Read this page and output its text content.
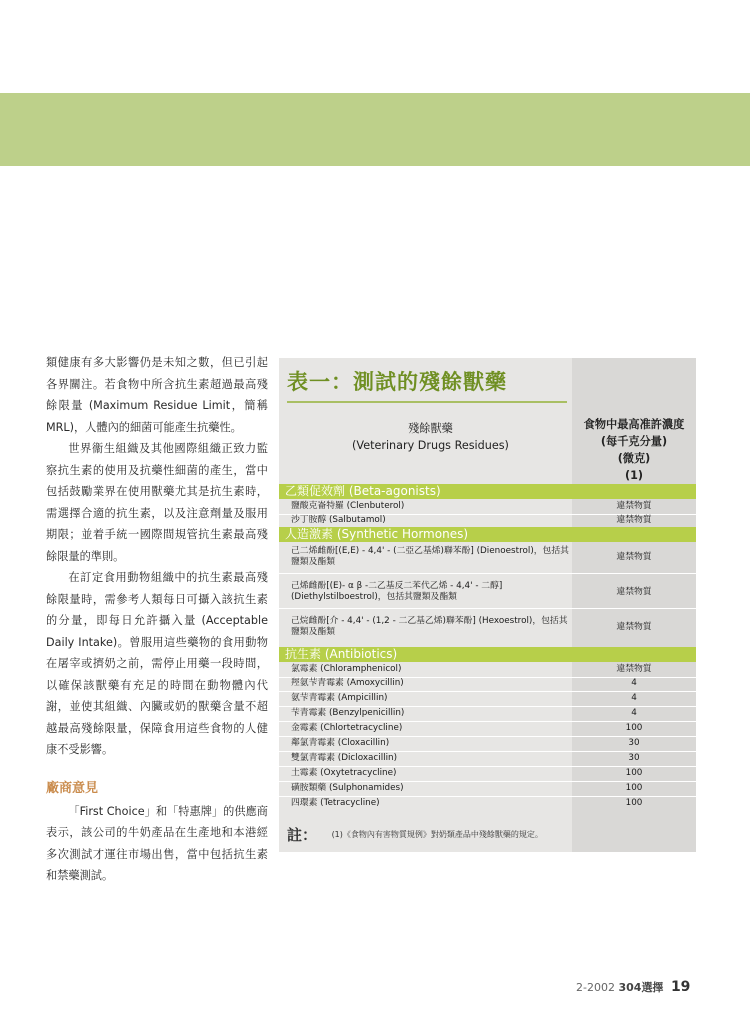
類健康有多大影響仍是未知之數，但已引起各界關注。若食物中所含抗生素超過最高殘餘限量 (Maximum Residue Limit，簡稱MRL)，人體內的細菌可能產生抗藥性。

世界衞生組織及其他國際組織正致力監察抗生素的使用及抗藥性細菌的產生，當中包括鼓勵業界在使用獸藥尤其是抗生素時，需選擇合適的抗生素，以及注意劑量及服用期限；並着手統一國際間規管抗生素最高殘餘限量的準則。

在訂定食用動物組織中的抗生素最高殘餘限量時，需參考人類每日可攝入該抗生素的分量，即每日允許攝入量 (Acceptable Daily Intake)。曾服用這些藥物的食用動物在屠宰或擠奶之前，需停止用藥一段時間，以確保該獸藥有充足的時間在動物體內代謝，並使其組織、內臟或奶的獸藥含量不超越最高殘餘限量，保障食用這些食物的人健康不受影響。

廠商意見

「First Choice」和「特惠牌」的供應商表示，該公司的牛奶產品在生產地和本港經多次測試才運往市場出售，當中包括抗生素和禁藥測試。

表一：測試的殘餘獸藥
殘餘獸藥
(Veterinary Drugs Residues)
食物中最高准許濃度
(每千克分量)
(微克)
(1)
乙類促效劑 (Beta-agonists)
鹽酸克崙特羅 (Clenbuterol)	違禁物質
沙丁胺醇 (Salbutamol)	違禁物質
人造激素 (Synthetic Hormones)
己二烯雌酚[(E,E) - 4,4' - (二亞乙基烯)聯苯酚] (Dienoestrol)，包括其鹽類及酯類	違禁物質
己烯雌酚[(E)- α β -二乙基反二苯代乙烯 - 4,4' - 二醇] (Diethylstilboestrol)，包括其鹽類及酯類	違禁物質
己烷雌酚[介 - 4,4' - (1,2 - 二乙基乙烯)聯苯酚] (Hexoestrol)，包括其鹽類及酯類	違禁物質
抗生素 (Antibiotics)
氯霉素 (Chloramphenicol)	違禁物質
羥氨芐青霉素 (Amoxycillin)	4
氨芐青霉素 (Ampicillin)	4
芐青霉素 (Benzylpenicillin)	4
金霉素 (Chlortetracycline)	100
鄰氯青霉素 (Cloxacillin)	30
雙氯青霉素 (Dicloxacillin)	30
土霉素 (Oxytetracycline)	100
磺胺類藥 (Sulphonamides)	100
四環素 (Tetracycline)	100
註： (1)《食物內有害物質規例》對奶類產品中殘餘獸藥的規定。
2-2002 304選擇 19
